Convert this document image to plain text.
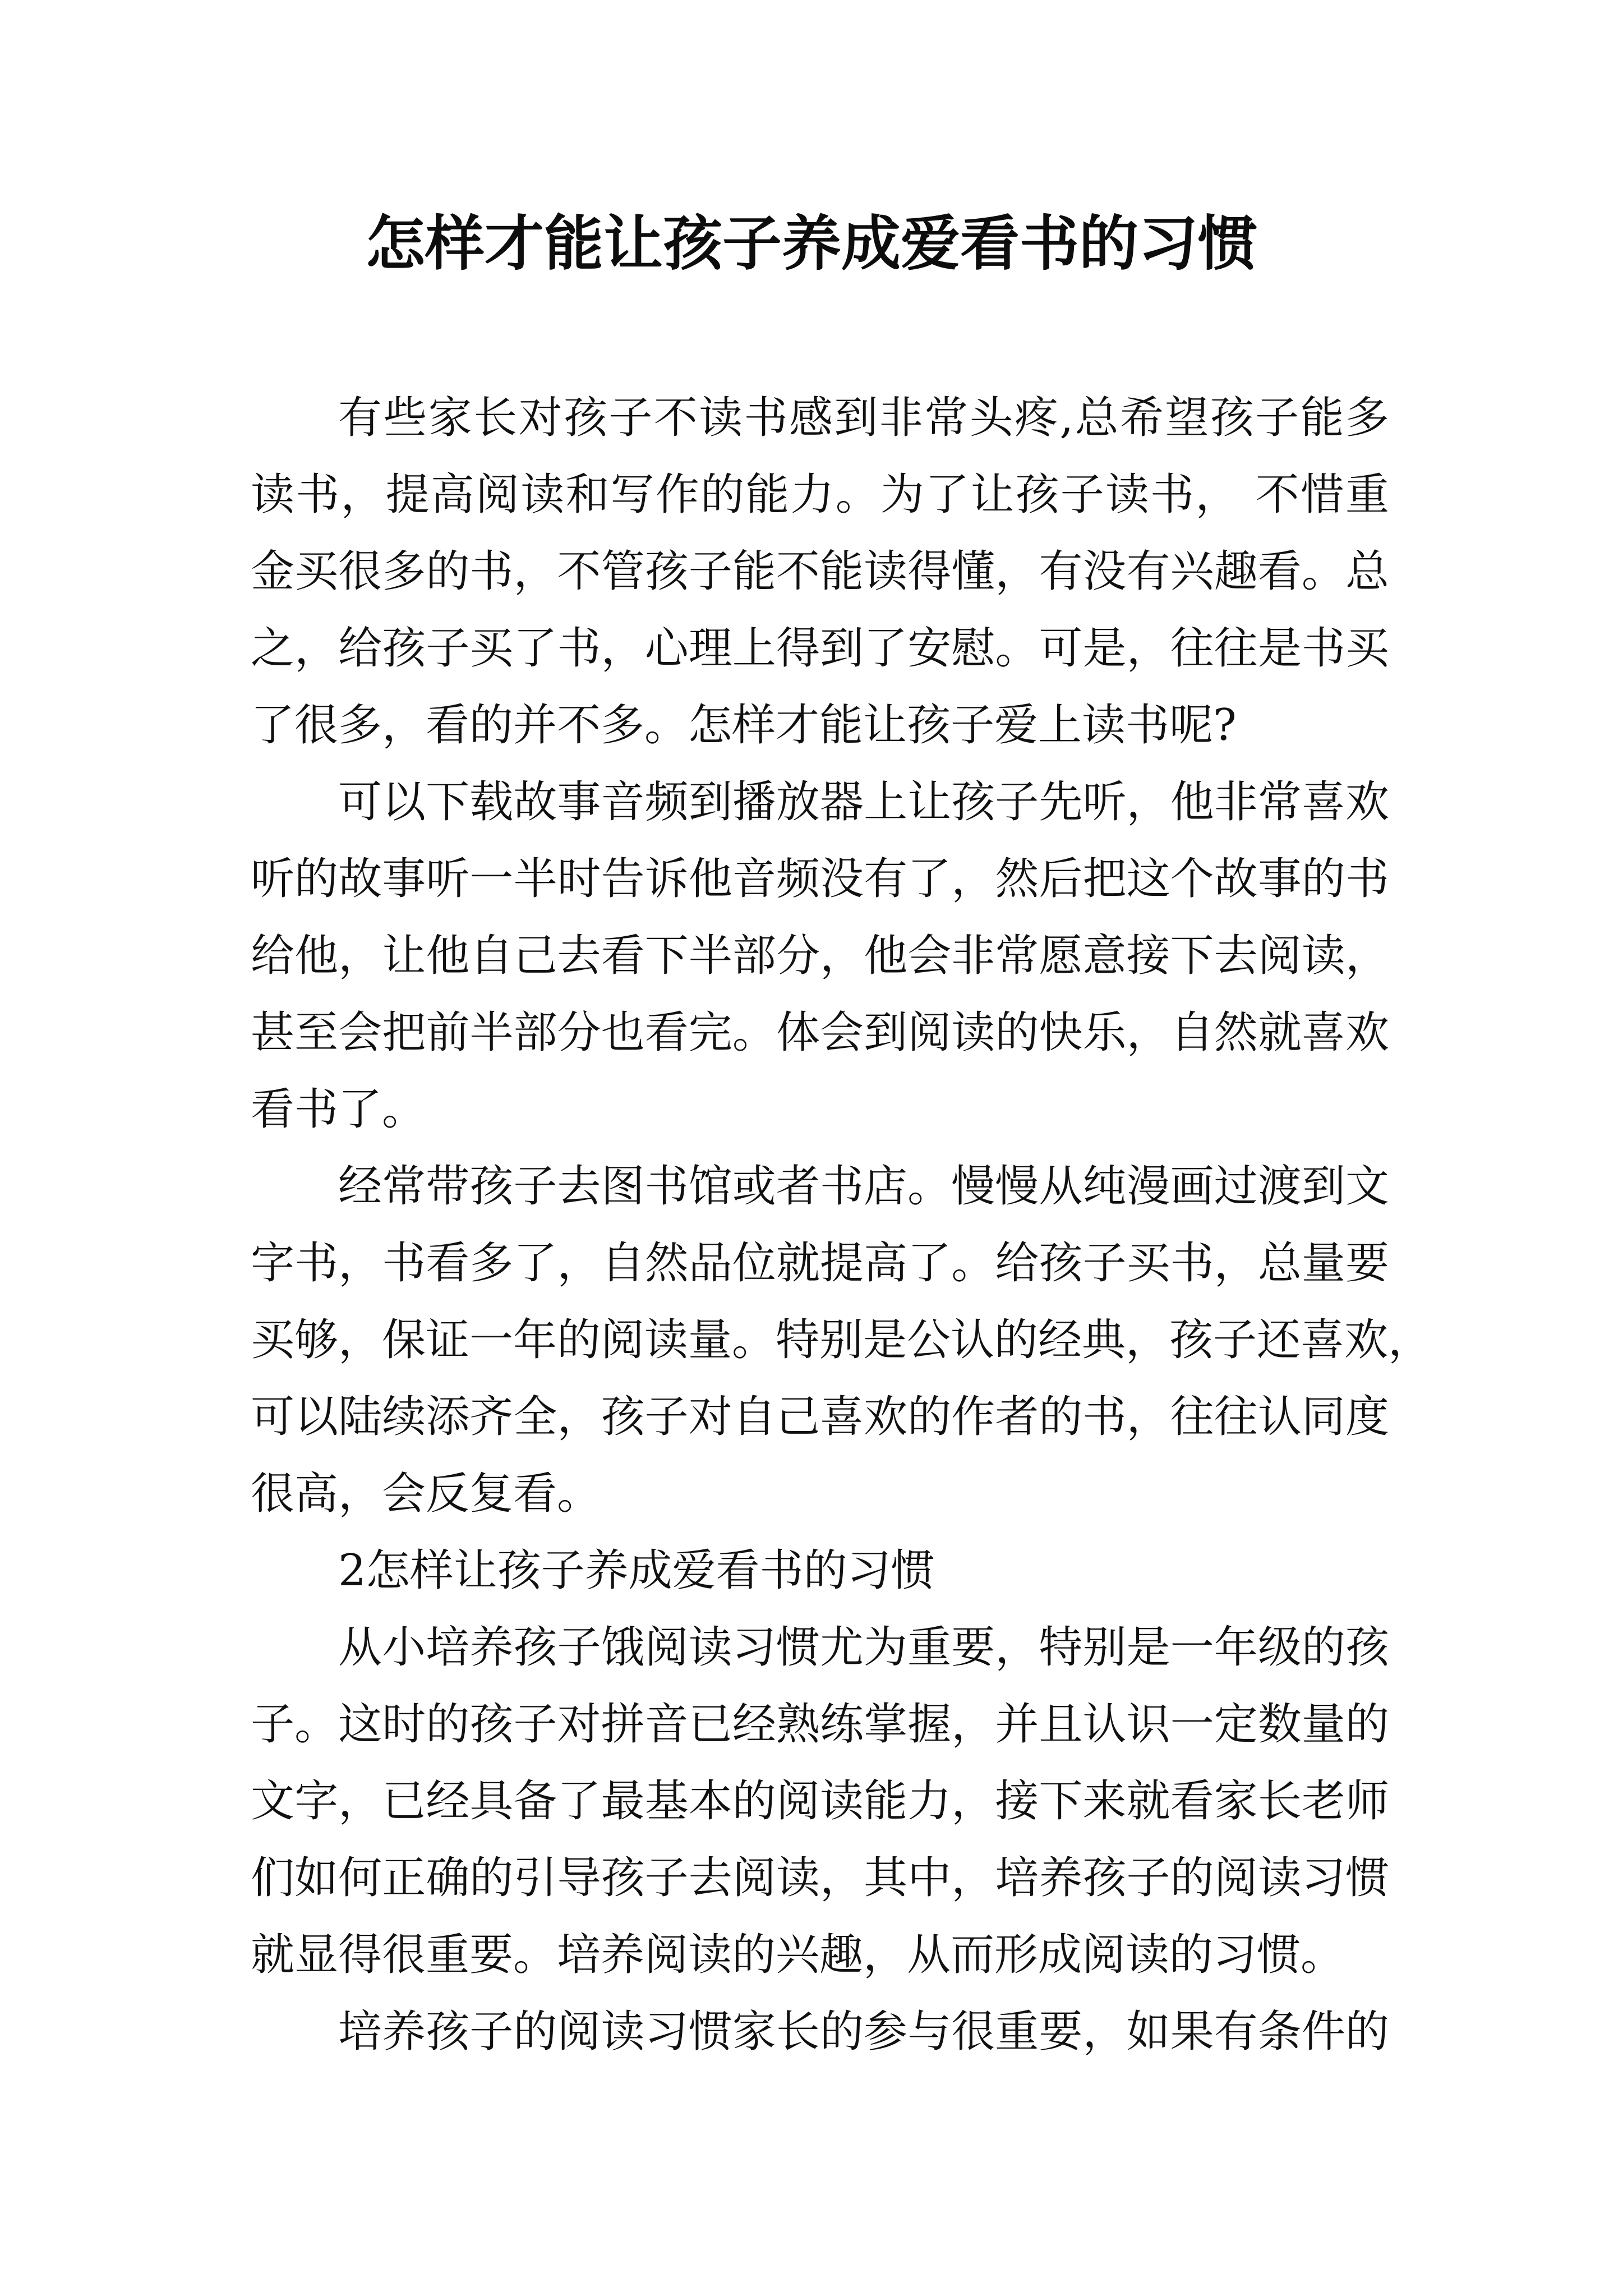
怎样才能让孩子养成爱看书的习惯
有些家长对孩子不读书感到非常头疼,总希望孩子能多
读书，提高阅读和写作的能力。为了让孩子读书， 不惜重
金买很多的书，不管孩子能不能读得懂，有没有兴趣看。总
之，给孩子买了书，心理上得到了安慰。可是，往往是书买
了很多，看的并不多。怎样才能让孩子爱上读书呢?
可以下载故事音频到播放器上让孩子先听，他非常喜欢
听的故事听一半时告诉他音频没有了，然后把这个故事的书
给他，让他自己去看下半部分，他会非常愿意接下去阅读，
甚至会把前半部分也看完。体会到阅读的快乐，自然就喜欢
看书了。
经常带孩子去图书馆或者书店。慢慢从纯漫画过渡到文
字书，书看多了，自然品位就提高了。给孩子买书，总量要
买够，保证一年的阅读量。特别是公认的经典，孩子还喜欢，
可以陆续添齐全，孩子对自己喜欢的作者的书，往往认同度
很高，会反复看。
2怎样让孩子养成爱看书的习惯
从小培养孩子饿阅读习惯尤为重要，特别是一年级的孩
子。这时的孩子对拼音已经熟练掌握，并且认识一定数量的
文字，已经具备了最基本的阅读能力，接下来就看家长老师
们如何正确的引导孩子去阅读，其中，培养孩子的阅读习惯
就显得很重要。培养阅读的兴趣，从而形成阅读的习惯。
培养孩子的阅读习惯家长的参与很重要，如果有条件的
